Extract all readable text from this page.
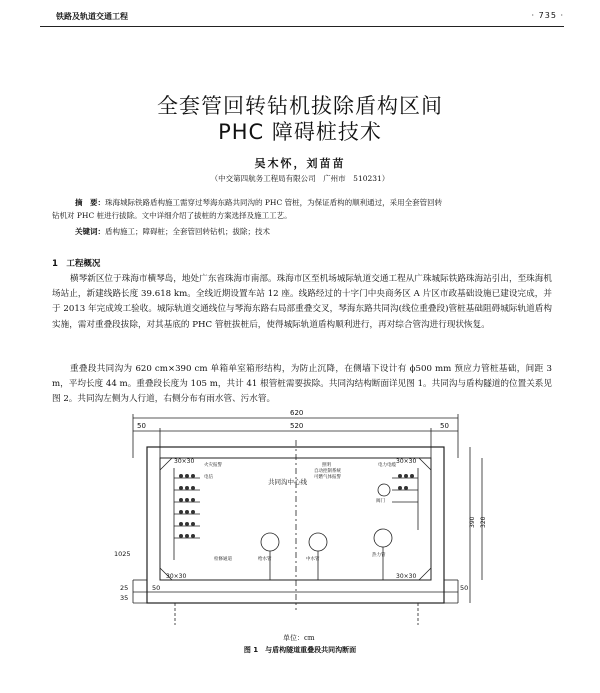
铁路及轨道交通工程	· 735 ·
全套管回转钻机拔除盾构区间
PHC 障碍桩技术
吴木怀，刘苗苗
（中交第四航务工程局有限公司　广州市　510231）
摘　要：珠海城际铁路盾构施工需穿过琴海东路共同沟的 PHC 管桩，为保证盾构的顺利通过，采用全套管回转
钻机对 PHC 桩进行拔除。文中详细介绍了拔桩的方案选择及施工工艺。
关键词：盾构施工；障碍桩；全套管回转钻机；拔除；技术
1　工程概况
横琴新区位于珠海市横琴岛，地处广东省珠海市南部。珠海市区至机场城际轨道交通工程从广珠城际铁路珠海站引出，至珠海机场站止，新建线路长度 39.618 km。全线近期设置车站 12 座。线路经过的十字门中央商务区 A 片区市政基础设施已建设完成，并于 2013 年完成竣工验收。城际轨道交通线位与琴海东路右局部重叠交叉，琴海东路共同沟(线位重叠段)管桩基础阻碍城际轨道盾构实施，需对重叠段拔除，对其基底的 PHC 管桩拔桩后，使得城际轨道盾构顺利进行，再对综合管沟进行现状恢复。
重叠段共同沟为 620 cm×390 cm 单箱单室箱形结构，为防止沉降，在侧墙下设计有 ϕ500 mm 预应力管桩基础，间距 3 m，平均长度 44 m。重叠段长度为 105 m，共计 41 根管桩需要拔除。共同沟结构断面详见图 1。共同沟与盾构隧道的位置关系见图 2。共同沟左侧为人行道，右侧分布有雨水管、污水管。
620
50	50
520
30×30	30×30
30×30	30×30
320
390
1025
25	50	50
35
共同沟中心线
火灾报警
电信
照明
自动控制系统
电力电缆
可燃气体报警
给水管	中水管
热力管
阀门
检修通道
单位：cm
图 1　 与盾构隧道重叠段共同沟断面
